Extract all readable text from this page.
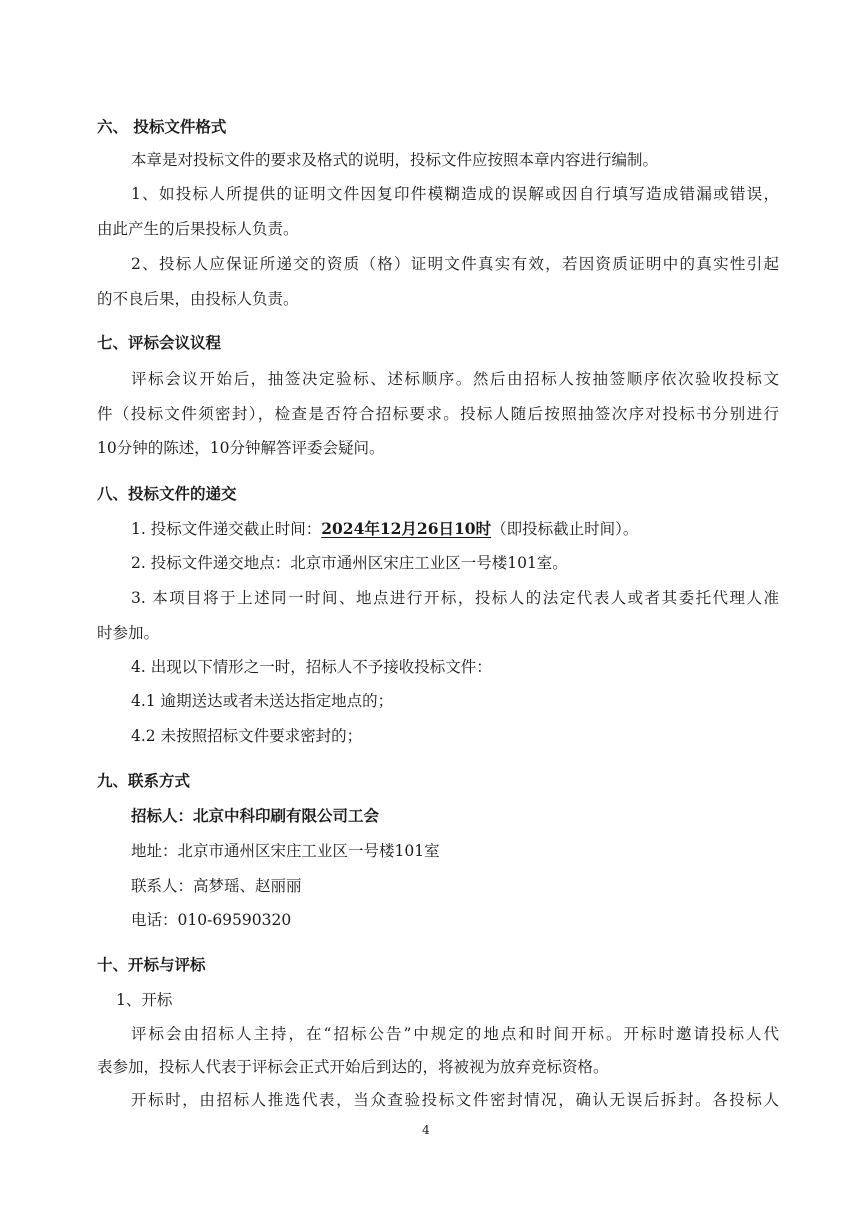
六、 投标文件格式
本章是对投标文件的要求及格式的说明，投标文件应按照本章内容进行编制。
1、如投标人所提供的证明文件因复印件模糊造成的误解或因自行填写造成错漏或错误，
由此产生的后果投标人负责。
2、投标人应保证所递交的资质（格）证明文件真实有效，若因资质证明中的真实性引起
的不良后果，由投标人负责。
七、评标会议议程
评标会议开始后，抽签决定验标、述标顺序。然后由招标人按抽签顺序依次验收投标文
件（投标文件须密封），检查是否符合招标要求。投标人随后按照抽签次序对投标书分别进行
10分钟的陈述，10分钟解答评委会疑问。
八、投标文件的递交
1. 投标文件递交截止时间：2024年12月26日10时（即投标截止时间）。
2. 投标文件递交地点：北京市通州区宋庄工业区一号楼101室。
3. 本项目将于上述同一时间、地点进行开标，投标人的法定代表人或者其委托代理人准
时参加。
4. 出现以下情形之一时，招标人不予接收投标文件：
4.1 逾期送达或者未送达指定地点的；
4.2 未按照招标文件要求密封的；
九、联系方式
招标人：北京中科印刷有限公司工会
地址：北京市通州区宋庄工业区一号楼101室
联系人：高梦瑶、赵丽丽
电话：010-69590320
十、开标与评标
1、开标
评标会由招标人主持，在“招标公告”中规定的地点和时间开标。开标时邀请投标人代
表参加，投标人代表于评标会正式开始后到达的，将被视为放弃竞标资格。
开标时，由招标人推选代表，当众查验投标文件密封情况，确认无误后拆封。各投标人
4
